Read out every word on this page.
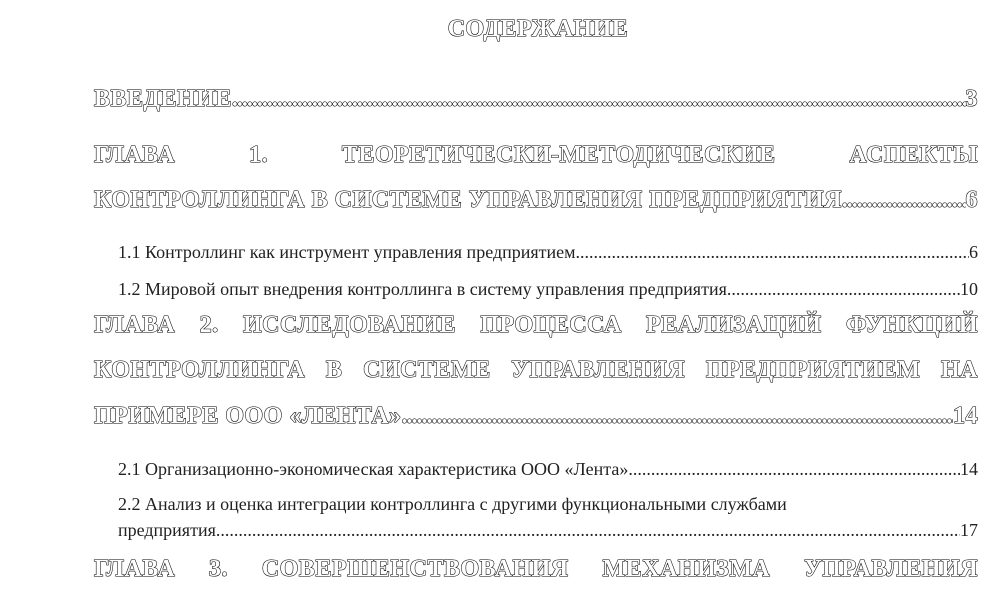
СОДЕРЖАНИЕ
ВВЕДЕНИЕ .....	3
ГЛАВА	1.	ТЕОРЕТИЧЕСКИ-МЕТОДИЧЕСКИЕ	АСПЕКТЫ
КОНТРОЛЛИНГА В СИСТЕМЕ УПРАВЛЕНИЯ ПРЕДПРИЯТИЯ .....	6
1.1 Контроллинг как инструмент управления предприятием .....	6
1.2 Мировой опыт внедрения контроллинга в систему управления предприятия .....	10
ГЛАВА 2. ИССЛЕДОВАНИЕ ПРОЦЕССА РЕАЛИЗАЦИЙ ФУНКЦИЙ
КОНТРОЛЛИНГА В СИСТЕМЕ УПРАВЛЕНИЯ ПРЕДПРИЯТИЕМ НА
ПРИМЕРЕ ООО «ЛЕНТА» .....	14
2.1 Организационно-экономическая характеристика ООО «Лента» .....	14
2.2 Анализ и оценка интеграции контроллинга с другими функциональными службами
предприятия .....	17
ГЛАВА 3. СОВЕРШЕНСТВОВАНИЯ МЕХАНИЗМА УПРАВЛЕНИЯ
